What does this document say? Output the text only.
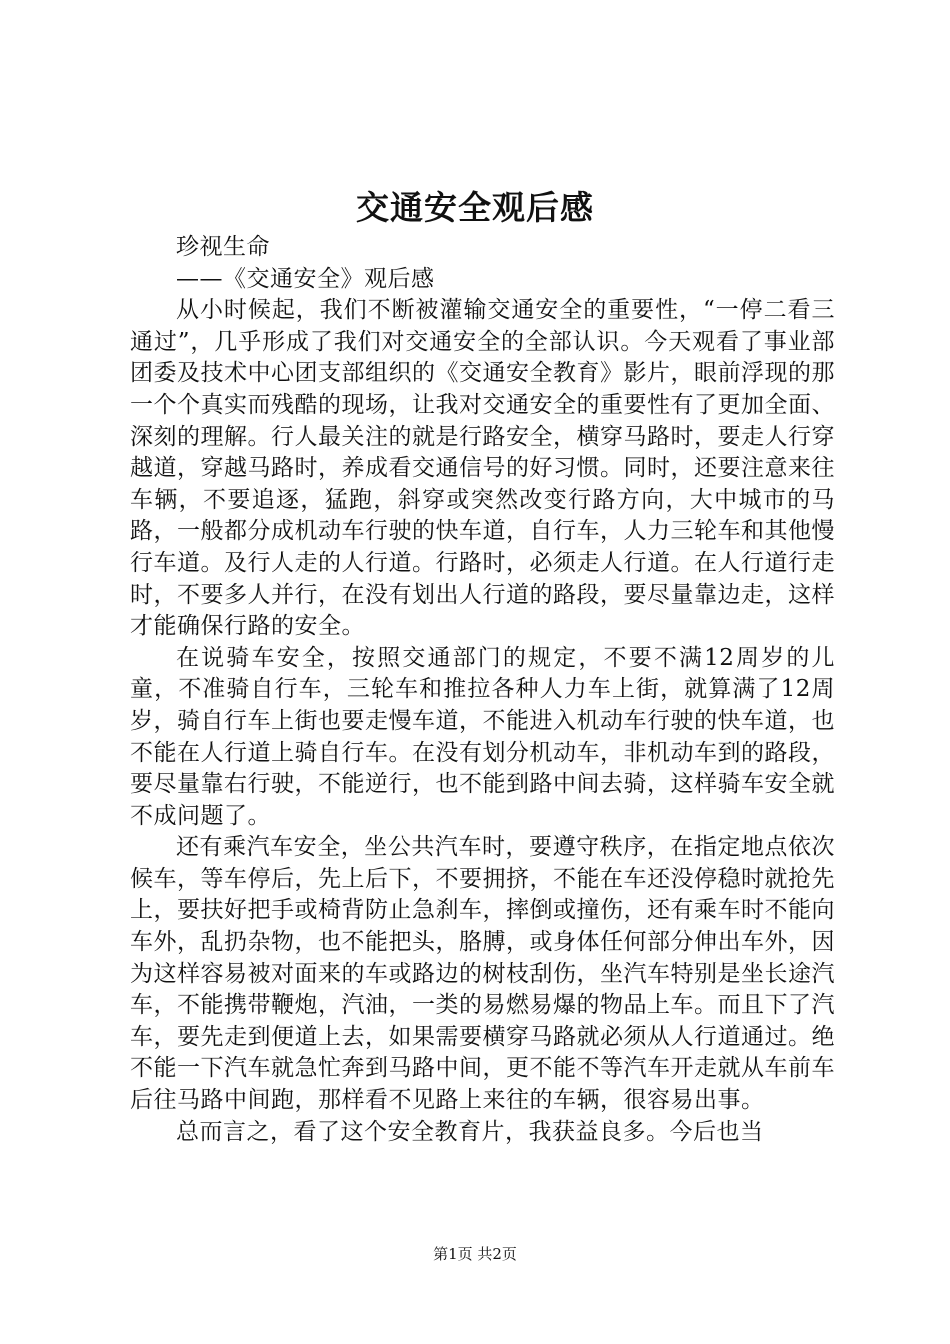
交通安全观后感

珍视生命

——《交通安全》观后感

从小时候起，我们不断被灌输交通安全的重要性，“一停二看三通过”，几乎形成了我们对交通安全的全部认识。今天观看了事业部团委及技术中心团支部组织的《交通安全教育》影片，眼前浮现的那一个个真实而残酷的现场，让我对交通安全的重要性有了更加全面、深刻的理解。行人最关注的就是行路安全，横穿马路时，要走人行穿越道，穿越马路时，养成看交通信号的好习惯。同时，还要注意来往车辆，不要追逐，猛跑，斜穿或突然改变行路方向，大中城市的马路，一般都分成机动车行驶的快车道，自行车，人力三轮车和其他慢行车道。及行人走的人行道。行路时，必须走人行道。在人行道行走时，不要多人并行，在没有划出人行道的路段，要尽量靠边走，这样才能确保行路的安全。

在说骑车安全，按照交通部门的规定，不要不满12周岁的儿童，不准骑自行车，三轮车和推拉各种人力车上街，就算满了12周岁，骑自行车上街也要走慢车道，不能进入机动车行驶的快车道，也不能在人行道上骑自行车。在没有划分机动车，非机动车到的路段，要尽量靠右行驶，不能逆行，也不能到路中间去骑，这样骑车安全就不成问题了。

还有乘汽车安全，坐公共汽车时，要遵守秩序，在指定地点依次候车，等车停后，先上后下，不要拥挤，不能在车还没停稳时就抢先上，要扶好把手或椅背防止急刹车，摔倒或撞伤，还有乘车时不能向车外，乱扔杂物，也不能把头，胳膊，或身体任何部分伸出车外，因为这样容易被对面来的车或路边的树枝刮伤，坐汽车特别是坐长途汽车，不能携带鞭炮，汽油，一类的易燃易爆的物品上车。而且下了汽车，要先走到便道上去，如果需要横穿马路就必须从人行道通过。绝不能一下汽车就急忙奔到马路中间，更不能不等汽车开走就从车前车后往马路中间跑，那样看不见路上来往的车辆，很容易出事。

总而言之，看了这个安全教育片，我获益良多。今后也当

第1页 共2页
